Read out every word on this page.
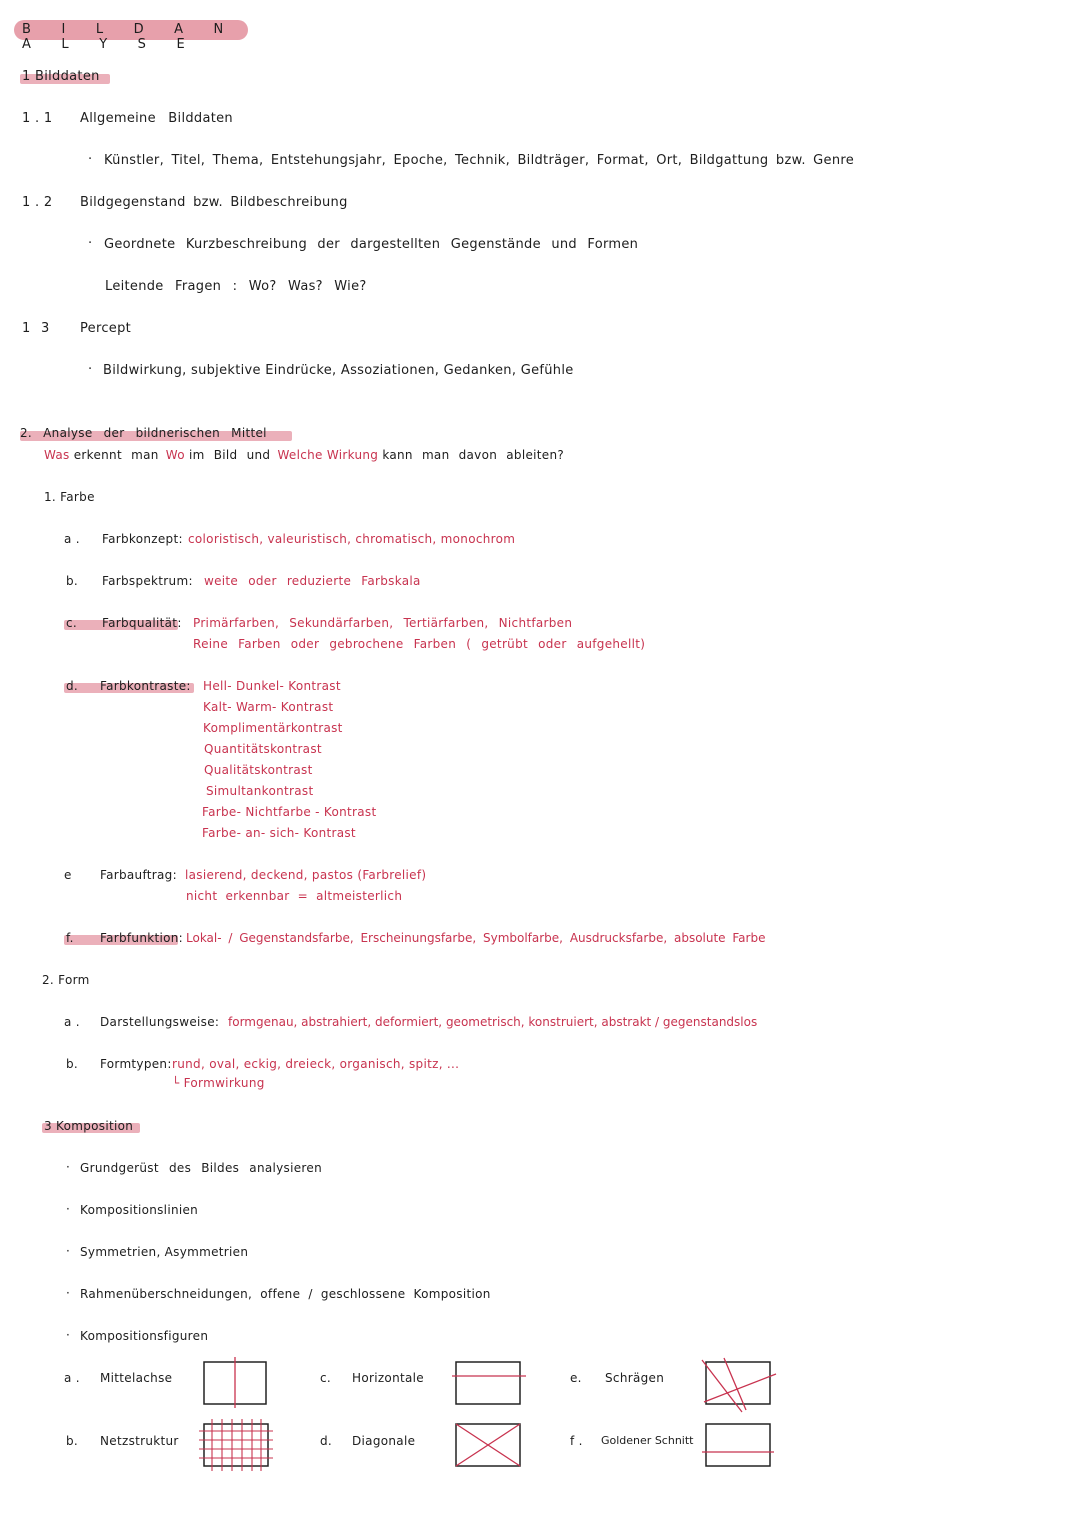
B I L D A N A L Y S E
1 Bilddaten
1 . 1 Allgemeine Bilddaten
· Künstler, Titel, Thema, Entstehungsjahr, Epoche, Technik, Bildträger, Format, Ort, Bildgattung bzw. Genre
1 . 2 Bildgegenstand bzw. Bildbeschreibung
· Geordnete Kurzbeschreibung der dargestellten Gegenstände und Formen
Leitende Fragen : Wo? Was? Wie?
1 3 Percept
· Bildwirkung, subjektive Eindrücke, Assoziationen, Gedanken, Gefühle
2. Analyse der bildnerischen Mittel
Was erkennt man Wo im Bild und Welche Wirkung kann man davon ableiten?
1. Farbe
a . Farbkonzept: coloristisch, valeuristisch, chromatisch, monochrom
b. Farbspektrum: weite oder reduzierte Farbskala
c. Farbqualität: Primärfarben, Sekundärfarben, Tertiärfarben, Nichtfarben
Reine Farben oder gebrochene Farben ( getrübt oder aufgehellt)
d. Farbkontraste: Hell- Dunkel- Kontrast
Kalt- Warm- Kontrast
Komplimentärkontrast
Quantitätskontrast
Qualitätskontrast
Simultankontrast
Farbe- Nichtfarbe - Kontrast
Farbe- an- sich- Kontrast
e Farbauftrag: lasierend, deckend, pastos (Farbrelief)
nicht erkennbar = altmeisterlich
f. Farbfunktion: Lokal- / Gegenstandsfarbe, Erscheinungsfarbe, Symbolfarbe, Ausdrucksfarbe, absolute Farbe
2. Form
a . Darstellungsweise: formgenau, abstrahiert, deformiert, geometrisch, konstruiert, abstrakt / gegenstandslos
b. Formtypen: rund, oval, eckig, dreieck, organisch, spitz, ...
└ Formwirkung
3 Komposition
· Grundgerüst des Bildes analysieren
· Kompositionslinien
· Symmetrien, Asymmetrien
· Rahmenüberschneidungen, offene / geschlossene Komposition
· Kompositionsfiguren
a . Mittelachse	c. Horizontale	e. Schrägen
b. Netzstruktur	d. Diagonale	f . Goldener Schnitt
